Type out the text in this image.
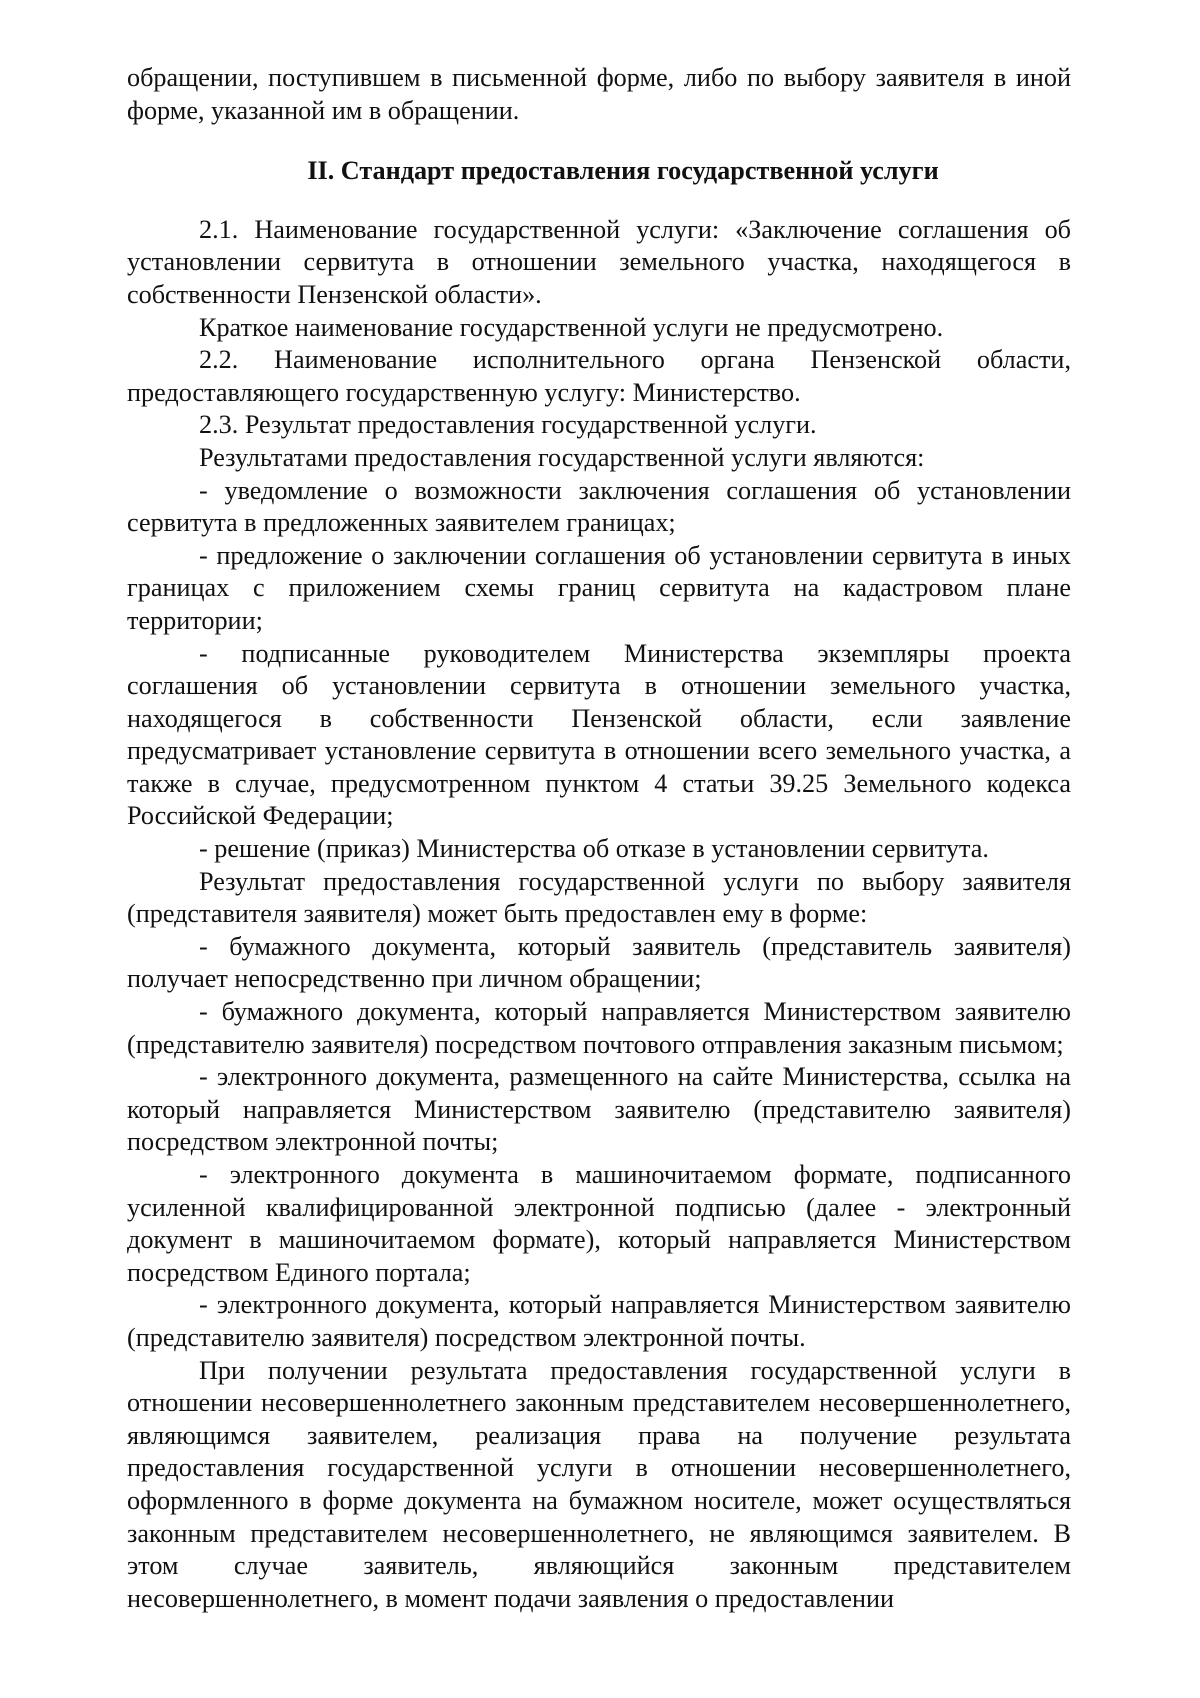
обращении, поступившем в письменной форме, либо по выбору заявителя в иной форме, указанной им в обращении.

II. Стандарт предоставления государственной услуги

2.1. Наименование государственной услуги: «Заключение соглашения об установлении сервитута в отношении земельного участка, находящегося в собственности Пензенской области».

Краткое наименование государственной услуги не предусмотрено.

2.2. Наименование исполнительного органа Пензенской области, предоставляющего государственную услугу: Министерство.

2.3. Результат предоставления государственной услуги.

Результатами предоставления государственной услуги являются:

- уведомление о возможности заключения соглашения об установлении сервитута в предложенных заявителем границах;

- предложение о заключении соглашения об установлении сервитута в иных границах с приложением схемы границ сервитута на кадастровом плане территории;

- подписанные руководителем Министерства экземпляры проекта соглашения об установлении сервитута в отношении земельного участка, находящегося в собственности Пензенской области, если заявление предусматривает установление сервитута в отношении всего земельного участка, а также в случае, предусмотренном пунктом 4 статьи 39.25 Земельного кодекса Российской Федерации;

- решение (приказ) Министерства об отказе в установлении сервитута.

Результат предоставления государственной услуги по выбору заявителя (представителя заявителя) может быть предоставлен ему в форме:

- бумажного документа, который заявитель (представитель заявителя) получает непосредственно при личном обращении;

- бумажного документа, который направляется Министерством заявителю (представителю заявителя) посредством почтового отправления заказным письмом;

- электронного документа, размещенного на сайте Министерства, ссылка на который направляется Министерством заявителю (представителю заявителя) посредством электронной почты;

- электронного документа в машиночитаемом формате, подписанного усиленной квалифицированной электронной подписью (далее - электронный документ в машиночитаемом формате), который направляется Министерством посредством Единого портала;

- электронного документа, который направляется Министерством заявителю (представителю заявителя) посредством электронной почты.

При получении результата предоставления государственной услуги в отношении несовершеннолетнего законным представителем несовершеннолетнего, являющимся заявителем, реализация права на получение результата предоставления государственной услуги в отношении несовершеннолетнего, оформленного в форме документа на бумажном носителе, может осуществляться законным представителем несовершеннолетнего, не являющимся заявителем. В этом случае заявитель, являющийся законным представителем несовершеннолетнего, в момент подачи заявления о предоставлении
